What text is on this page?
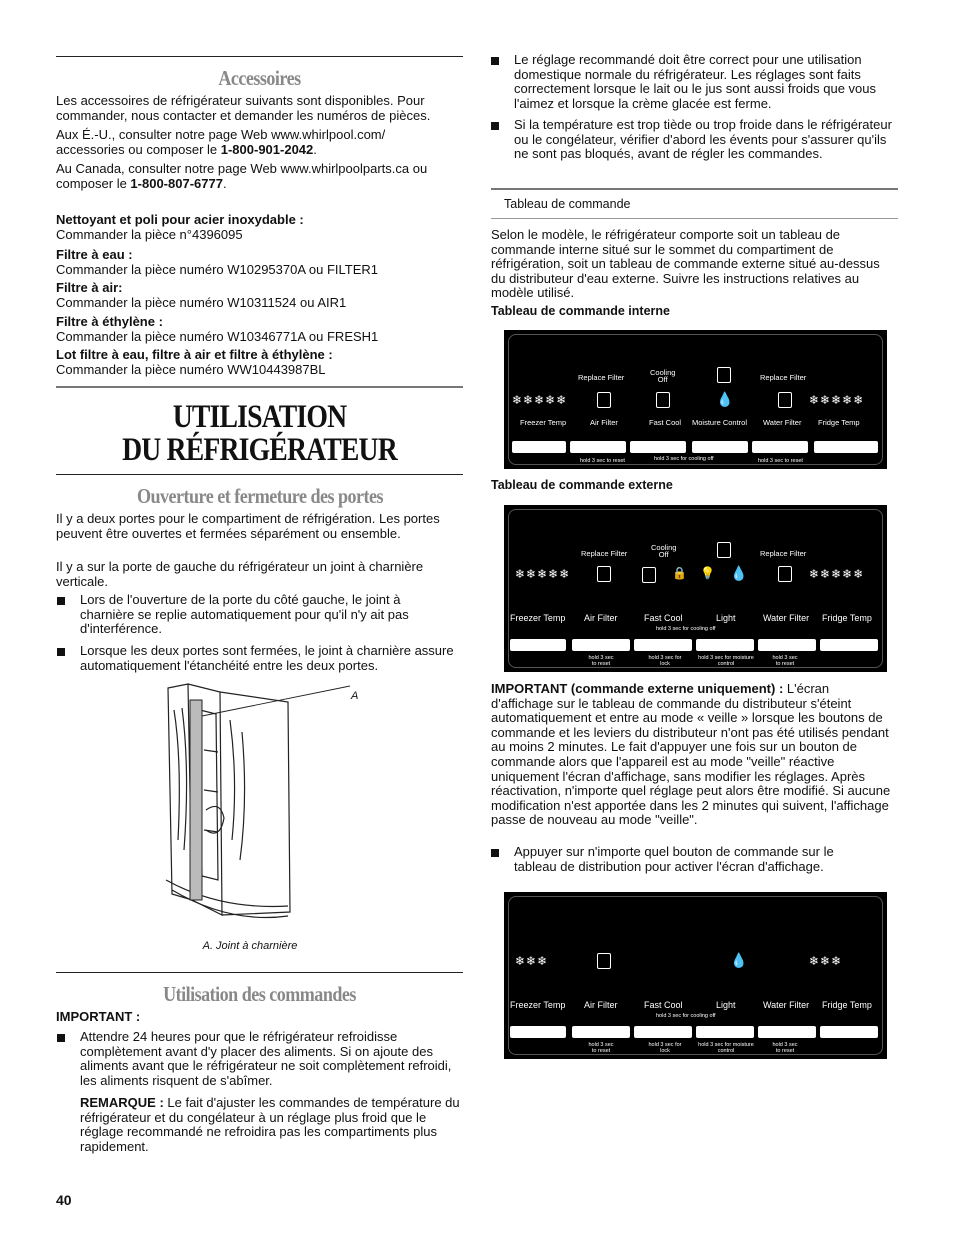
Accessoires
Les accessoires de réfrigérateur suivants sont disponibles. Pour commander, nous contacter et demander les numéros de pièces.
Aux É.-U., consulter notre page Web www.whirlpool.com/ accessories ou composer le 1-800-901-2042.
Au Canada, consulter notre page Web www.whirlpoolparts.ca ou composer le 1-800-807-6777.
Nettoyant et poli pour acier inoxydable :
Commander la pièce n°4396095
Filtre à eau :
Commander la pièce numéro W10295370A ou FILTER1
Filtre à air:
Commander la pièce numéro W10311524 ou AIR1
Filtre à éthylène :
Commander la pièce numéro W10346771A ou FRESH1
Lot filtre à eau, filtre à air et filtre à éthylène :
Commander la pièce numéro WW10443987BL
UTILISATION
DU RÉFRIGÉRATEUR
Ouverture et fermeture des portes
Il y a deux portes pour le compartiment de réfrigération. Les portes peuvent être ouvertes et fermées séparément ou ensemble.
Il y a sur la porte de gauche du réfrigérateur un joint à charnière verticale.
Lors de l'ouverture de la porte du côté gauche, le joint à charnière se replie automatiquement pour qu'il n'y ait pas d'interférence.
Lorsque les deux portes sont fermées, le joint à charnière assure automatiquement l'étanchéité entre les deux portes.
A
A. Joint à charnière
Utilisation des commandes
IMPORTANT :
Attendre 24 heures pour que le réfrigérateur refroidisse complètement avant d'y placer des aliments. Si on ajoute des aliments avant que le réfrigérateur ne soit complètement refroidi, les aliments risquent de s'abîmer.
REMARQUE : Le fait d'ajuster les commandes de température du réfrigérateur et du congélateur à un réglage plus froid que le réglage recommandé ne refroidira pas les compartiments plus rapidement.
40
Le réglage recommandé doit être correct pour une utilisation domestique normale du réfrigérateur. Les réglages sont faits correctement lorsque le lait ou le jus sont aussi froids que vous l'aimez et lorsque la crème glacée est ferme.
Si la température est trop tiède ou trop froide dans le réfrigérateur ou le congélateur, vérifier d'abord les évents pour s'assurer qu'ils ne sont pas bloqués, avant de régler les commandes.
Tableau de commande
Selon le modèle, le réfrigérateur comporte soit un tableau de commande interne situé sur le sommet du compartiment de réfrigération, soit un tableau de commande externe situé au-dessus du distributeur d'eau externe. Suivre les instructions relatives au modèle utilisé.
Tableau de commande interne
Replace Filter
Cooling
Off	Replace Filter
❄❄❄❄❄	💧	❄❄❄❄❄
Freezer Temp	Air Filter	Fast Cool Moisture Control Water Filter Fridge Temp
hold 3 sec to reset	hold 3 sec for cooling off	hold 3 sec to reset
Tableau de commande externe
Replace Filter
Cooling
Off	Replace Filter
❄❄❄❄❄	🔒 💡 💧	❄❄❄❄❄
Freezer Temp Air Filter	Fast Cool	Light	Water Filter Fridge Temp
hold 3 sec for cooling off
hold 3 sec to reset
hold 3 sec for lock
hold 3 sec for moisture control
hold 3 sec to reset
IMPORTANT (commande externe uniquement) : L'écran d'affichage sur le tableau de commande du distributeur s'éteint automatiquement et entre au mode « veille » lorsque les boutons de commande et les leviers du distributeur n'ont pas été utilisés pendant au moins 2 minutes. Le fait d'appuyer une fois sur un bouton de commande alors que l'appareil est au mode "veille" réactive uniquement l'écran d'affichage, sans modifier les réglages. Après réactivation, n'importe quel réglage peut alors être modifié. Si aucune modification n'est apportée dans les 2 minutes qui suivent, l'affichage passe de nouveau au mode "veille".
Appuyer sur n'importe quel bouton de commande sur le tableau de distribution pour activer l'écran d'affichage.
❄❄❄	💧	❄❄❄
Freezer Temp Air Filter	Fast Cool	Light	Water Filter Fridge Temp
hold 3 sec for cooling off
hold 3 sec to reset
hold 3 sec for lock
hold 3 sec for moisture control
hold 3 sec to reset
